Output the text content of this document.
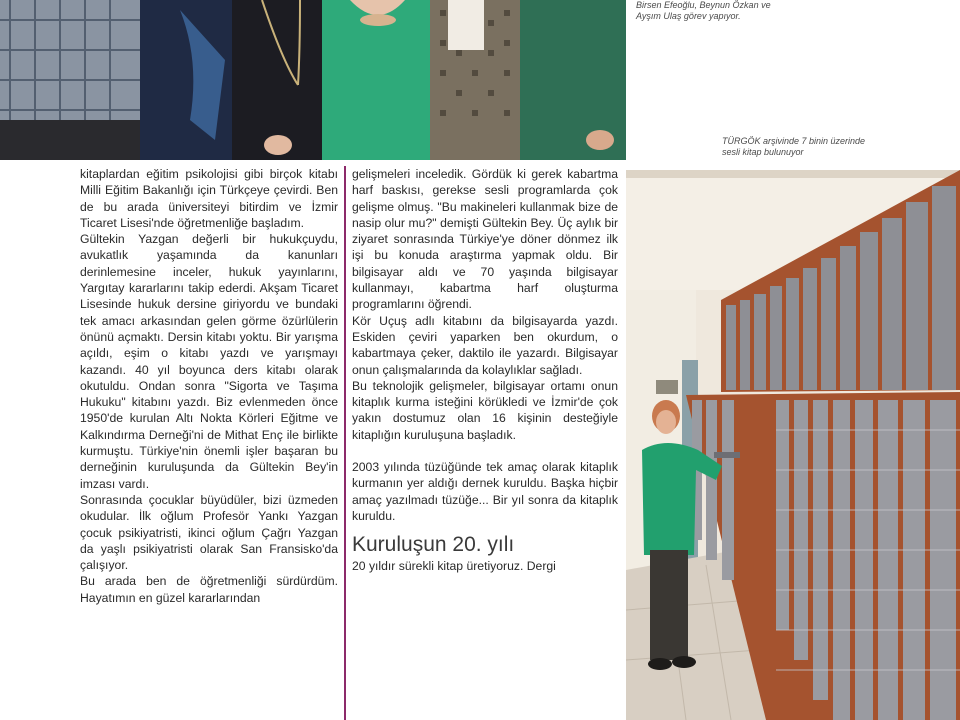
Birsen Efeoğlu, Beynun Özkan ve Ayşım Ulaş görev yapıyor.
TÜRGÖK arşivinde 7 binin üzerinde sesli kitap bulunuyor

kitaplardan eğitim psikolojisi gibi birçok kitabı Milli Eğitim Bakanlığı için Türkçeye çevirdi. Ben de bu arada üniversiteyi bitirdim ve İzmir Ticaret Lisesi'nde öğretmenliğe başladım.

Gültekin Yazgan değerli bir hukukçuydu, avukatlık yaşamında da kanunları derinlemesine inceler, hukuk yayınlarını, Yargıtay kararlarını takip ederdi. Akşam Ticaret Lisesinde hukuk dersine giriyordu ve bundaki tek amacı arkasından gelen görme özürlülerin önünü açmaktı. Dersin kitabı yoktu. Bir yarışma açıldı, eşim o kitabı yazdı ve yarışmayı kazandı. 40 yıl boyunca ders kitabı olarak okutuldu. Ondan sonra "Sigorta ve Taşıma Hukuku" kitabını yazdı. Biz evlenmeden önce 1950'de kurulan Altı Nokta Körleri Eğitme ve Kalkındırma Derneği'ni de Mithat Enç ile birlikte kurmuştu. Türkiye'nin önemli işler başaran bu derneğinin kuruluşunda da Gültekin Bey'in imzası vardı.

Sonrasında çocuklar büyüdüler, bizi üzmeden okudular. İlk oğlum Profesör Yankı Yazgan çocuk psikiyatristi, ikinci oğlum Çağrı Yazgan da yaşlı psikiyatristi olarak San Fransisko'da çalışıyor.

Bu arada ben de öğretmenliği sürdürdüm. Hayatımın en güzel kararlarından

gelişmeleri inceledik. Gördük ki gerek kabartma harf baskısı, gerekse sesli programlarda çok gelişme olmuş. "Bu makineleri kullanmak bize de nasip olur mu?" demişti Gültekin Bey. Üç aylık bir ziyaret sonrasında Türkiye'ye döner dönmez ilk işi bu konuda araştırma yapmak oldu. Bir bilgisayar aldı ve 70 yaşında bilgisayar kullanmayı, kabartma harf oluşturma programlarını öğrendi.

Kör Uçuş adlı kitabını da bilgisayarda yazdı. Eskiden çeviri yaparken ben okurdum, o kabartmaya çeker, daktilo ile yazardı. Bilgisayar onun çalışmalarında da kolaylıklar sağladı.

Bu teknolojik gelişmeler, bilgisayar ortamı onun kitaplık kurma isteğini körükledi ve İzmir'de çok yakın dostumuz olan 16 kişinin desteğiyle kitaplığın kuruluşuna başladık.

2003 yılında tüzüğünde tek amaç olarak kitaplık kurmanın yer aldığı dernek kuruldu. Başka hiçbir amaç yazılmadı tüzüğe... Bir yıl sonra da kitaplık kuruldu.

Kuruluşun 20. yılı

20 yıldır sürekli kitap üretiyoruz. Dergi
